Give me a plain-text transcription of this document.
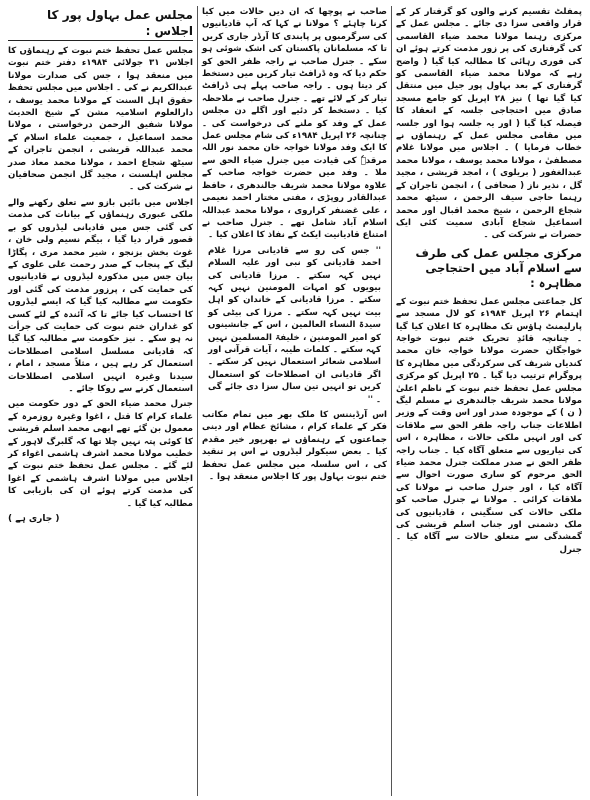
پمفلٹ تقسیم کرنے والوں کو گرفتار کر کے قرار واقعی سزا دی جائے ۔ مجلس عمل کے مرکزی رہنما مولانا محمد ضیاء القاسمی کی گرفتاری کی پر زور مذمت کرتے ہوئے ان کی فوری رہائی کا مطالبہ کیا گیا ( واضح رہے کہ مولانا محمد ضیاء القاسمی کو گرفتاری کے بعد بہاول پور جیل میں منتقل کیا گیا تھا ) نیز ۲۸ اپریل کو جامع مسجد صادق میں احتجاجی جلسہ کے انعقاد کا فیصلہ کیا گیا ( اور یہ جلسہ ہوا اور جلسہ میں مقامی مجلس عمل کے رہنماؤں نے خطاب فرمایا ) ۔ اجلاس میں مولانا غلام مصطفیٰ ، مولانا محمد یوسف ، مولانا محمد عبدالغفور ( بریلوی ) ، امجد قریشی ، مجید گل ، نذیر ناز ( صحافی ) ، انجمن تاجران کے رہنما حاجی سیف الرحمن ، سیٹھ محمد شجاع الرحمن ، شیخ محمد اقبال اور محمد اسماعیل شجاع آبادی سمیت کئی ایک حضرات نے شرکت کی ۔

مرکزی مجلس عمل کی طرف سے اسلام آباد میں احتجاجی مظاہرہ :

کل جماعتی مجلس عمل تحفظ ختم نبوت کے اہتمام ۲۶ اپریل ۱۹۸۴ء کو لال مسجد سے پارلیمنٹ ہاؤس تک مظاہرہ کا اعلان کیا گیا ۔ چنانچہ قائدِ تحریک ختم نبوت خواجۂ خواجگان حضرت مولانا خواجہ خان محمد کندیاں شریف کی سرکردگی میں مظاہرہ کا پروگرام ترتیب دیا گیا ۔ ۲۵ اپریل کو مرکزی مجلس عمل تحفظ ختم نبوت کے ناظم اعلیٰ مولانا محمد شریف جالندھری نے مسلم لیگ ( ن ) کے موجودہ صدر اور اس وقت کے وزیر اطلاعات جناب راجہ ظفر الحق سے ملاقات کی اور انہیں ملکی حالات ، مظاہرہ ، اس کی تیاریوں سے متعلق آگاہ کیا ۔ جناب راجہ ظفر الحق نے صدر مملکت جنرل محمد ضیاء الحق مرحوم کو ساری صورت احوال سے آگاہ کیا ، اور جنرل صاحب نے مولانا کی ملاقات کرائی ۔ مولانا نے جنرل صاحب کو ملکی حالات کی سنگینی ، قادیانیوں کی ملک دشمنی اور جناب اسلم قریشی کی گمشدگی سے متعلق حالات سے آگاہ کیا ۔ جنرل

صاحب نے پوچھا کہ ان دیں حالات میں کیا کرنا چاہئے ؟ مولانا نے کہا کہ آپ قادیانیوں کی سرگرمیوں پر پابندی کا آرڈر جاری کریں تا کہ مسلمانان پاکستان کی اشک شوئی ہو سکے ۔ جنرل صاحب نے راجہ ظفر الحق کو حکم دیا کہ وہ ڈرافٹ تیار کریں میں دستخط کر دیتا ہوں ۔ راجہ صاحب پہلے ہی ڈرافٹ تیار کر کے لائے تھے ۔ جنرل صاحب نے ملاحظہ کیا ۔ دستخط کر دئیے اور اگلے دن مجلس عمل کے وفد کو ملنے کی درخواست کی ۔ چنانچہ ۲۶ اپریل ۱۹۸۴ء کی شام مجلس عمل کا ایک وفد مولانا خواجہ خان محمد نور اللہ مرقدہٗ کی قیادت میں جنرل ضیاء الحق سے ملا ۔ وفد میں حضرت خواجہ صاحب کے علاوہ مولانا محمد شریف جالندھری ، حافظ عبدالقادر روپڑی ، مفتی مختار احمد نعیمی ، علی غضنفر کراروی ، مولانا محمد عبداللہ اسلام آباد شامل تھے ۔ جنرل صاحب نے امتناع قادیانیت ایکٹ کے نفاذ کا اعلان کیا ۔

'' جس کی رو سے قادیانی مرزا غلام احمد قادیانی کو نبی اور علیہ السلام نہیں کہہ سکتے ۔ مرزا قادیانی کی بیویوں کو امہات المومنین نہیں کہہ سکتے ۔ مرزا قادیانی کے خاندان کو اہل بیت نہیں کہہ سکتے ۔ مرزا کی بیٹی کو سیدۃ النساء العالمین ، اس کے جانشینوں کو امیر المومنین ، خلیفۃ المسلمین نہیں کہہ سکتے ۔ کلمات طیبہ ، آیات قرآنی اور اسلامی شعائر استعمال نہیں کر سکتے ۔ اگر قادیانی ان اصطلاحات کو استعمال کریں تو انہیں تین سال سزا دی جائے گی ۔ ''

اس آرڈیننس کا ملک بھر میں تمام مکاتب فکر کے علماء کرام ، مشائخ عظام اور دینی جماعتوں کے رہنماؤں نے بھرپور خیر مقدم کیا ۔ بعض سیکولر لیڈروں نے اس پر تنقید کی ، اس سلسلہ میں مجلس عمل تحفظ ختم نبوت بہاول پور کا اجلاس منعقد ہوا ۔

مجلس عمل بہاول پور کا اجلاس :

مجلس عمل تحفظ ختم نبوت کے رہنماؤں کا اجلاس ۳۱ جولائی ۱۹۸۴ء دفتر ختم نبوت میں منعقد ہوا ، جس کی صدارت مولانا عبدالکریم نے کی ۔ اجلاس میں مجلس تحفظ حقوق اہل السنت کے مولانا محمد یوسف ، دارالعلوم اسلامیہ مشن کے شیخ الحدیث مولانا شفیق الرحمن درخواستی ، مولانا محمد اسماعیل ، جمعیت علماء اسلام کے محمد عبداللہ قریشی ، انجمن تاجران کے سیٹھ شجاع احمد ، مولانا محمد معاذ صدر مجلس اہلسنت ، مجید گل انجمن صحافیان نے شرکت کی ۔

اجلاس میں بائیں بازو سے تعلق رکھنے والے ملکی عبوری رہنماؤں کے بیانات کی مذمت کی گئی جس میں قادیانی لیڈروں کو بے قصور قرار دیا گیا ، بیگم نسیم ولی خان ، غوث بخش بزنجو ، شیر محمد مری ، پگاڑا لیگ کے پنجاب کے صدر رحمت علی علوی کے بیان جس میں مذکورہ لیڈروں نے قادیانیوں کی حمایت کی ، پرزور مذمت کی گئی اور حکومت سے مطالبہ کیا گیا کہ ایسے لیڈروں کا احتساب کیا جائے تا کہ آئندہ کے لئے کسی کو غداران ختم نبوت کی حمایت کی جرأت نہ ہو سکے ۔ نیز حکومت سے مطالبہ کیا گیا کہ قادیانی مسلسل اسلامی اصطلاحات استعمال کر رہے ہیں ، مثلاً مسجد ، امام ، سیدنا وغیرہ انہیں اسلامی اصطلاحات استعمال کرنے سے روکا جائے ۔

جنرل محمد ضیاء الحق کے دور حکومت میں علماء کرام کا قتل ، اغوا وغیرہ روزمرہ کے معمول بن گئے تھے ابھی محمد اسلم قریشی کا کوئی پتہ نہیں چلا تھا کہ گلبرگ لاہور کے خطیب مولانا محمد اشرف ہاشمی اغواء کر لئے گئے ۔ مجلس عمل تحفظ ختم نبوت کے اجلاس میں مولانا اشرف ہاشمی کے اغوا کی مذمت کرتے ہوئے ان کی بازیابی کا مطالبہ کیا گیا ۔

( جاری ہے )
